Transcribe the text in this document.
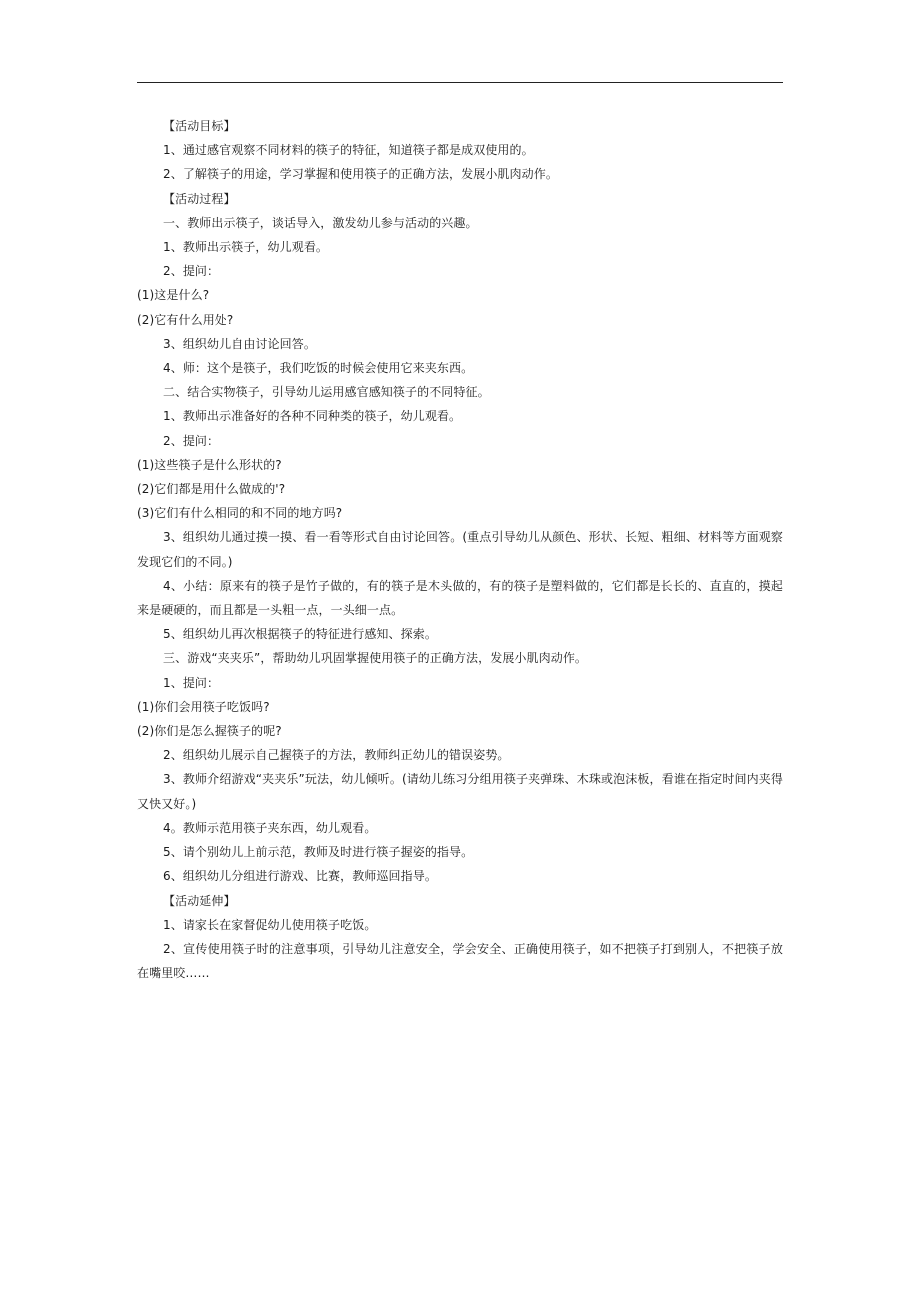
【活动目标】
1、通过感官观察不同材料的筷子的特征，知道筷子都是成双使用的。
2、了解筷子的用途，学习掌握和使用筷子的正确方法，发展小肌肉动作。
【活动过程】
一、教师出示筷子，谈话导入，激发幼儿参与活动的兴趣。
1、教师出示筷子，幼儿观看。
2、提问：
(1)这是什么?
(2)它有什么用处?
3、组织幼儿自由讨论回答。
4、师：这个是筷子，我们吃饭的时候会使用它来夹东西。
二、结合实物筷子，引导幼儿运用感官感知筷子的不同特征。
1、教师出示准备好的各种不同种类的筷子，幼儿观看。
2、提问：
(1)这些筷子是什么形状的?
(2)它们都是用什么做成的'?
(3)它们有什么相同的和不同的地方吗?
3、组织幼儿通过摸一摸、看一看等形式自由讨论回答。(重点引导幼儿从颜色、形状、长短、粗细、材料等方面观察发现它们的不同。)
4、小结：原来有的筷子是竹子做的，有的筷子是木头做的，有的筷子是塑料做的，它们都是长长的、直直的，摸起来是硬硬的，而且都是一头粗一点，一头细一点。
5、组织幼儿再次根据筷子的特征进行感知、探索。
三、游戏“夹夹乐”，帮助幼儿巩固掌握使用筷子的正确方法，发展小肌肉动作。
1、提问：
(1)你们会用筷子吃饭吗?
(2)你们是怎么握筷子的呢?
2、组织幼儿展示自己握筷子的方法，教师纠正幼儿的错误姿势。
3、教师介绍游戏“夹夹乐”玩法，幼儿倾听。(请幼儿练习分组用筷子夹弹珠、木珠或泡沫板，看谁在指定时间内夹得又快又好。)
4。教师示范用筷子夹东西，幼儿观看。
5、请个别幼儿上前示范，教师及时进行筷子握姿的指导。
6、组织幼儿分组进行游戏、比赛，教师巡回指导。
【活动延伸】
1、请家长在家督促幼儿使用筷子吃饭。
2、宣传使用筷子时的注意事项，引导幼儿注意安全，学会安全、正确使用筷子，如不把筷子打到别人，不把筷子放在嘴里咬……
